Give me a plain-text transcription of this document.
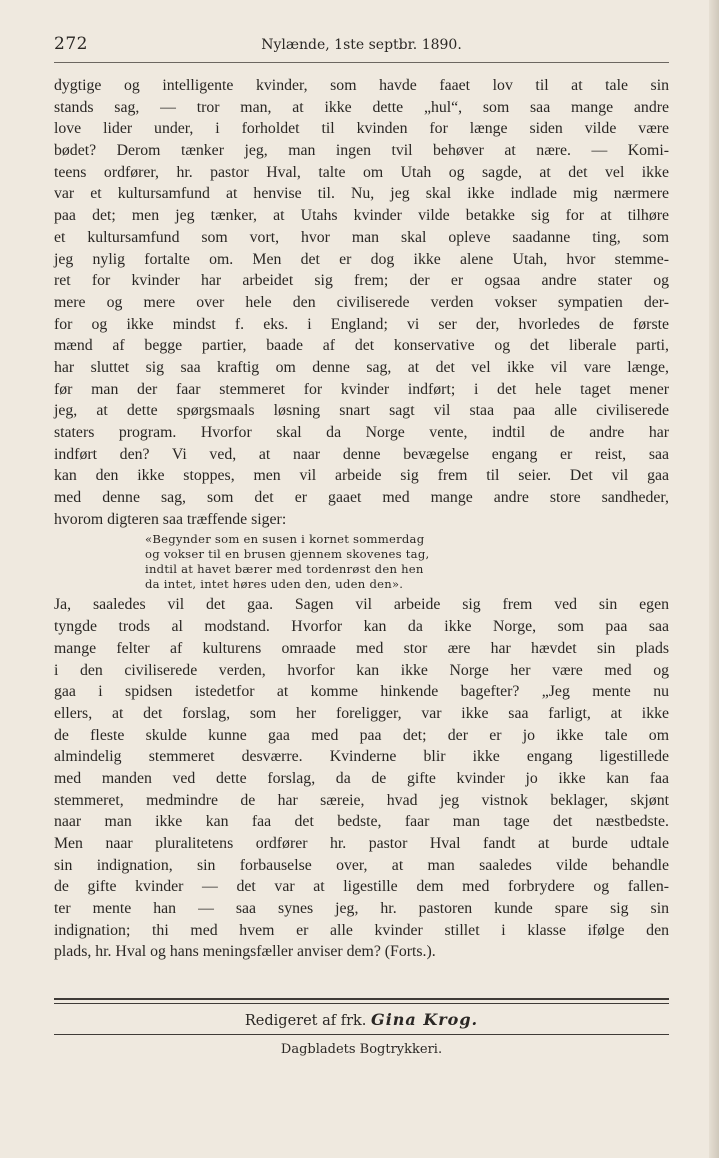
272	Nylænde, 1ste septbr. 1890.
dygtige og intelligente kvinder, som havde faaet lov til at tale sin
stands sag, — tror man, at ikke dette „hul“, som saa mange andre
love lider under, i forholdet til kvinden for længe siden vilde være
bødet? Derom tænker jeg, man ingen tvil behøver at nære. — Komi-
teens ordfører, hr. pastor Hval, talte om Utah og sagde, at det vel ikke
var et kultursamfund at henvise til. Nu, jeg skal ikke indlade mig nærmere
paa det; men jeg tænker, at Utahs kvinder vilde betakke sig for at tilhøre
et kultursamfund som vort, hvor man skal opleve saadanne ting, som
jeg nylig fortalte om. Men det er dog ikke alene Utah, hvor stemme-
ret for kvinder har arbeidet sig frem; der er ogsaa andre stater og
mere og mere over hele den civiliserede verden vokser sympatien der-
for og ikke mindst f. eks. i England; vi ser der, hvorledes de første
mænd af begge partier, baade af det konservative og det liberale parti,
har sluttet sig saa kraftig om denne sag, at det vel ikke vil vare længe,
før man der faar stemmeret for kvinder indført; i det hele taget mener
jeg, at dette spørgsmaals løsning snart sagt vil staa paa alle civiliserede
staters program. Hvorfor skal da Norge vente, indtil de andre har
indført den? Vi ved, at naar denne bevægelse engang er reist, saa
kan den ikke stoppes, men vil arbeide sig frem til seier. Det vil gaa
med denne sag, som det er gaaet med mange andre store sandheder,
hvorom digteren saa træffende siger:
«Begynder som en susen i kornet sommerdag
og vokser til en brusen gjennem skovenes tag,
indtil at havet bærer med tordenrøst den hen
da intet, intet høres uden den, uden den».
Ja, saaledes vil det gaa. Sagen vil arbeide sig frem ved sin egen
tyngde trods al modstand. Hvorfor kan da ikke Norge, som paa saa
mange felter af kulturens omraade med stor ære har hævdet sin plads
i den civiliserede verden, hvorfor kan ikke Norge her være med og
gaa i spidsen istedetfor at komme hinkende bagefter? „Jeg mente nu
ellers, at det forslag, som her foreligger, var ikke saa farligt, at ikke
de fleste skulde kunne gaa med paa det; der er jo ikke tale om
almindelig stemmeret desværre. Kvinderne blir ikke engang ligestillede
med manden ved dette forslag, da de gifte kvinder jo ikke kan faa
stemmeret, medmindre de har særeie, hvad jeg vistnok beklager, skjønt
naar man ikke kan faa det bedste, faar man tage det næstbedste.
Men naar pluralitetens ordfører hr. pastor Hval fandt at burde udtale
sin indignation, sin forbauselse over, at man saaledes vilde behandle
de gifte kvinder — det var at ligestille dem med forbrydere og fallen-
ter mente han — saa synes jeg, hr. pastoren kunde spare sig sin
indignation; thi med hvem er alle kvinder stillet i klasse ifølge den
plads, hr. Hval og hans meningsfæller anviser dem? (Forts.).
Redigeret af frk. Gina Krog.
Dagbladets Bogtrykkeri.
